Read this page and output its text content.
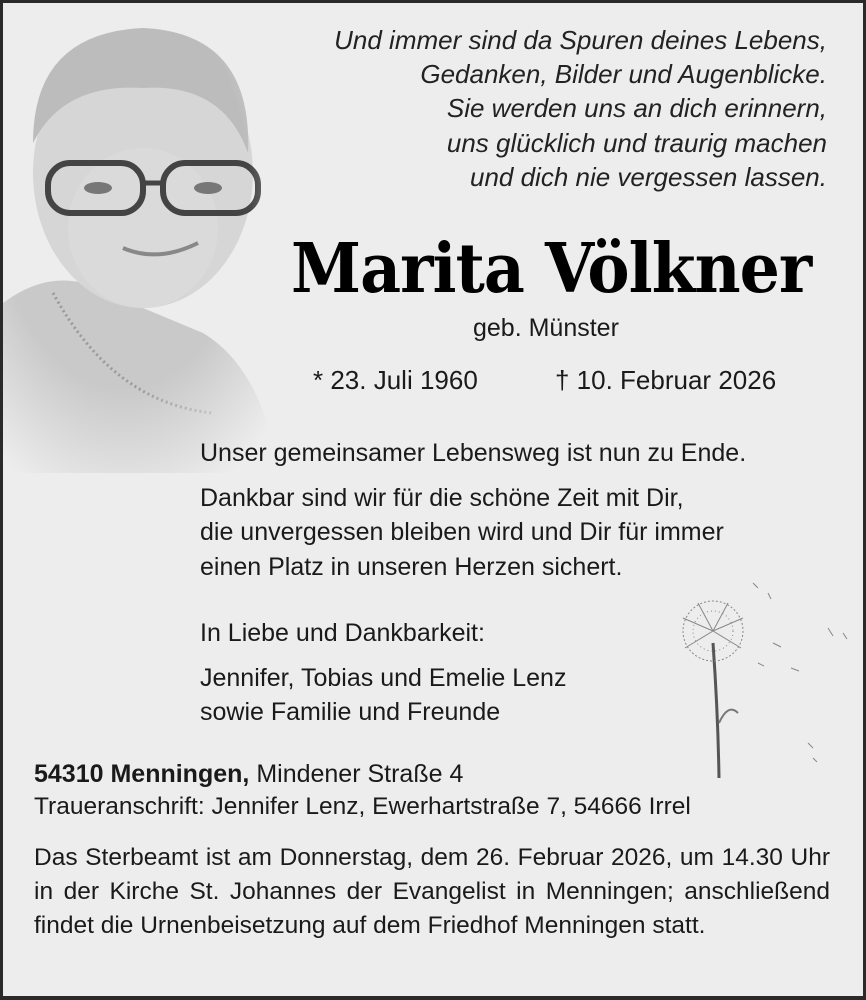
Und immer sind da Spuren deines Lebens,
Gedanken, Bilder und Augenblicke.
Sie werden uns an dich erinnern,
uns glücklich und traurig machen
und dich nie vergessen lassen.
Marita Völkner
geb. Münster
* 23. Juli 1960	† 10. Februar 2026
Unser gemeinsamer Lebensweg ist nun zu Ende.
Dankbar sind wir für die schöne Zeit mit Dir,
die unvergessen bleiben wird und Dir für immer
einen Platz in unseren Herzen sichert.
In Liebe und Dankbarkeit:
Jennifer, Tobias und Emelie Lenz
sowie Familie und Freunde
54310 Menningen, Mindener Straße 4
Traueranschrift: Jennifer Lenz, Ewerhartstraße 7, 54666 Irrel
Das Sterbeamt ist am Donnerstag, dem 26. Februar 2026, um 14.30 Uhr in der Kirche St. Johannes der Evangelist in Menningen; anschließend findet die Urnenbeisetzung auf dem Friedhof Menningen statt.
